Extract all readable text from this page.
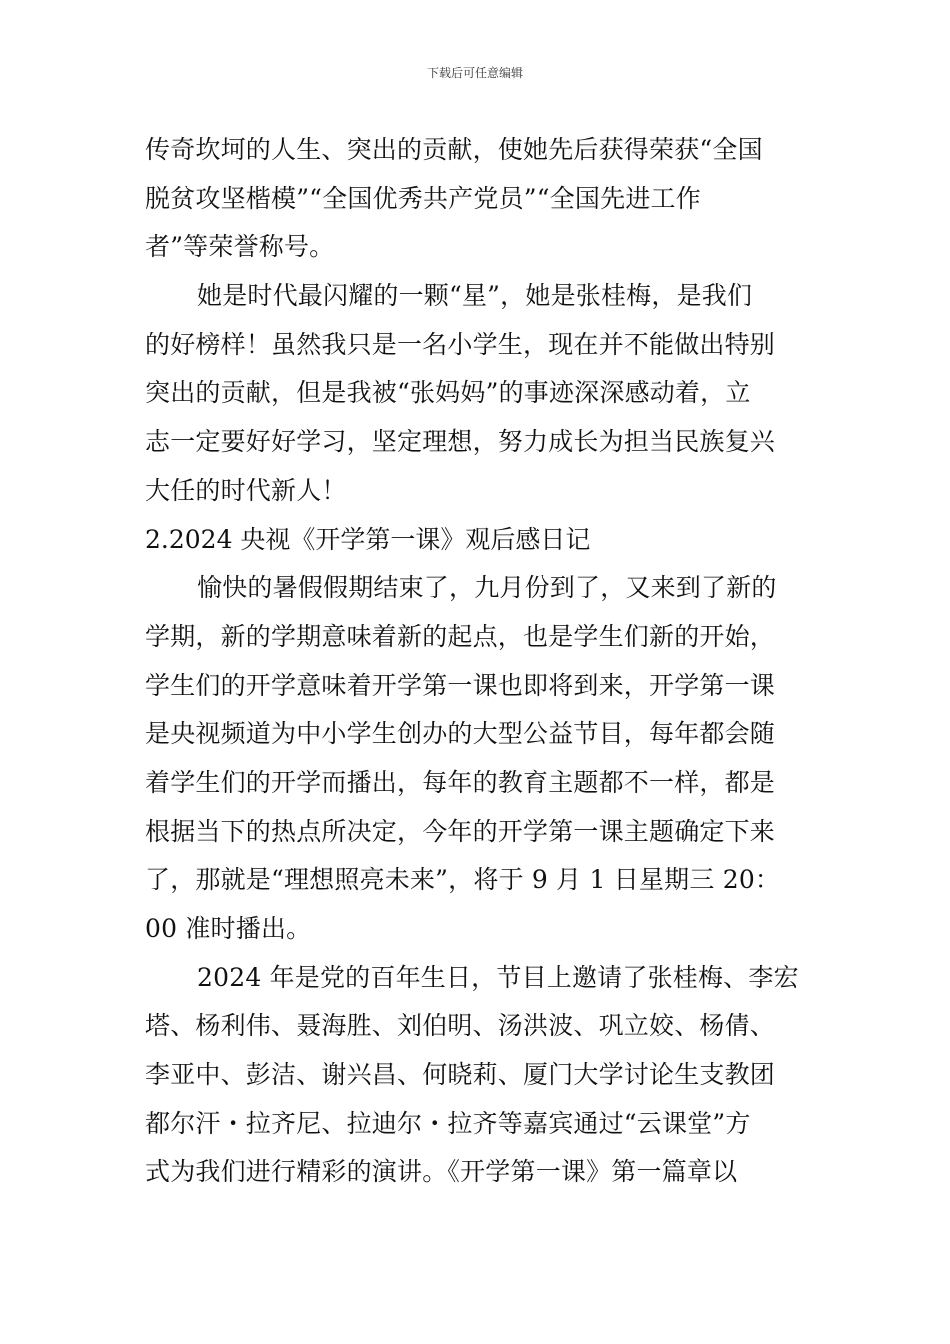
下载后可任意编辑
传奇坎坷的人生、突出的贡献，使她先后获得荣获“全国
脱贫攻坚楷模”“全国优秀共产党员”“全国先进工作
者”等荣誉称号。
她是时代最闪耀的一颗“星”，她是张桂梅，是我们
的好榜样！虽然我只是一名小学生，现在并不能做出特别
突出的贡献，但是我被“张妈妈”的事迹深深感动着，立
志一定要好好学习，坚定理想，努力成长为担当民族复兴
大任的时代新人！
2.2024 央视《开学第一课》观后感日记
愉快的暑假假期结束了，九月份到了，又来到了新的
学期，新的学期意味着新的起点，也是学生们新的开始，
学生们的开学意味着开学第一课也即将到来，开学第一课
是央视频道为中小学生创办的大型公益节目，每年都会随
着学生们的开学而播出，每年的教育主题都不一样，都是
根据当下的热点所决定，今年的开学第一课主题确定下来
了，那就是“理想照亮未来”，将于 9 月 1 日星期三 20：
00 准时播出。
2024 年是党的百年生日，节目上邀请了张桂梅、李宏
塔、杨利伟、聂海胜、刘伯明、汤洪波、巩立姣、杨倩、
李亚中、彭洁、谢兴昌、何晓莉、厦门大学讨论生支教团
都尔汗・拉齐尼、拉迪尔・拉齐等嘉宾通过“云课堂”方
式为我们进行精彩的演讲。《开学第一课》第一篇章以
